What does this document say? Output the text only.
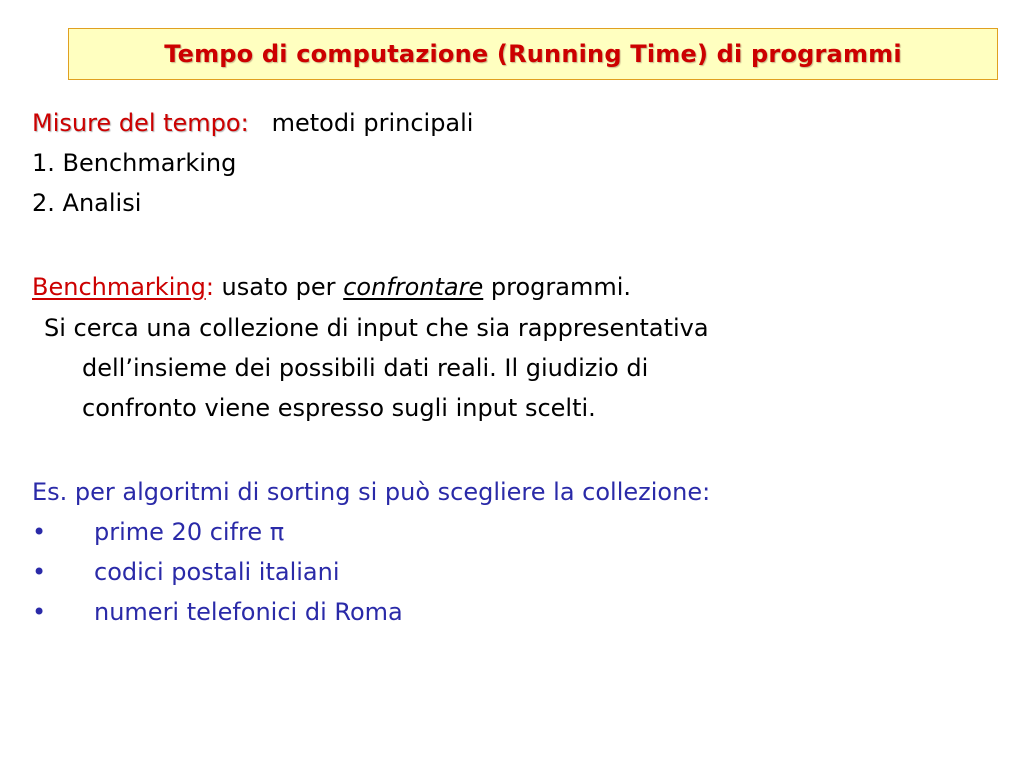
Tempo di computazione (Running Time) di programmi
Misure del tempo: metodi principali
1. Benchmarking
2. Analisi
Benchmarking: usato per confrontare programmi.
Si cerca una collezione di input che sia rappresentativa
dell’insieme dei possibili dati reali. Il giudizio di
confronto viene espresso sugli input scelti.
Es. per algoritmi di sorting si può scegliere la collezione:
• prime 20 cifre π
• codici postali italiani
• numeri telefonici di Roma
